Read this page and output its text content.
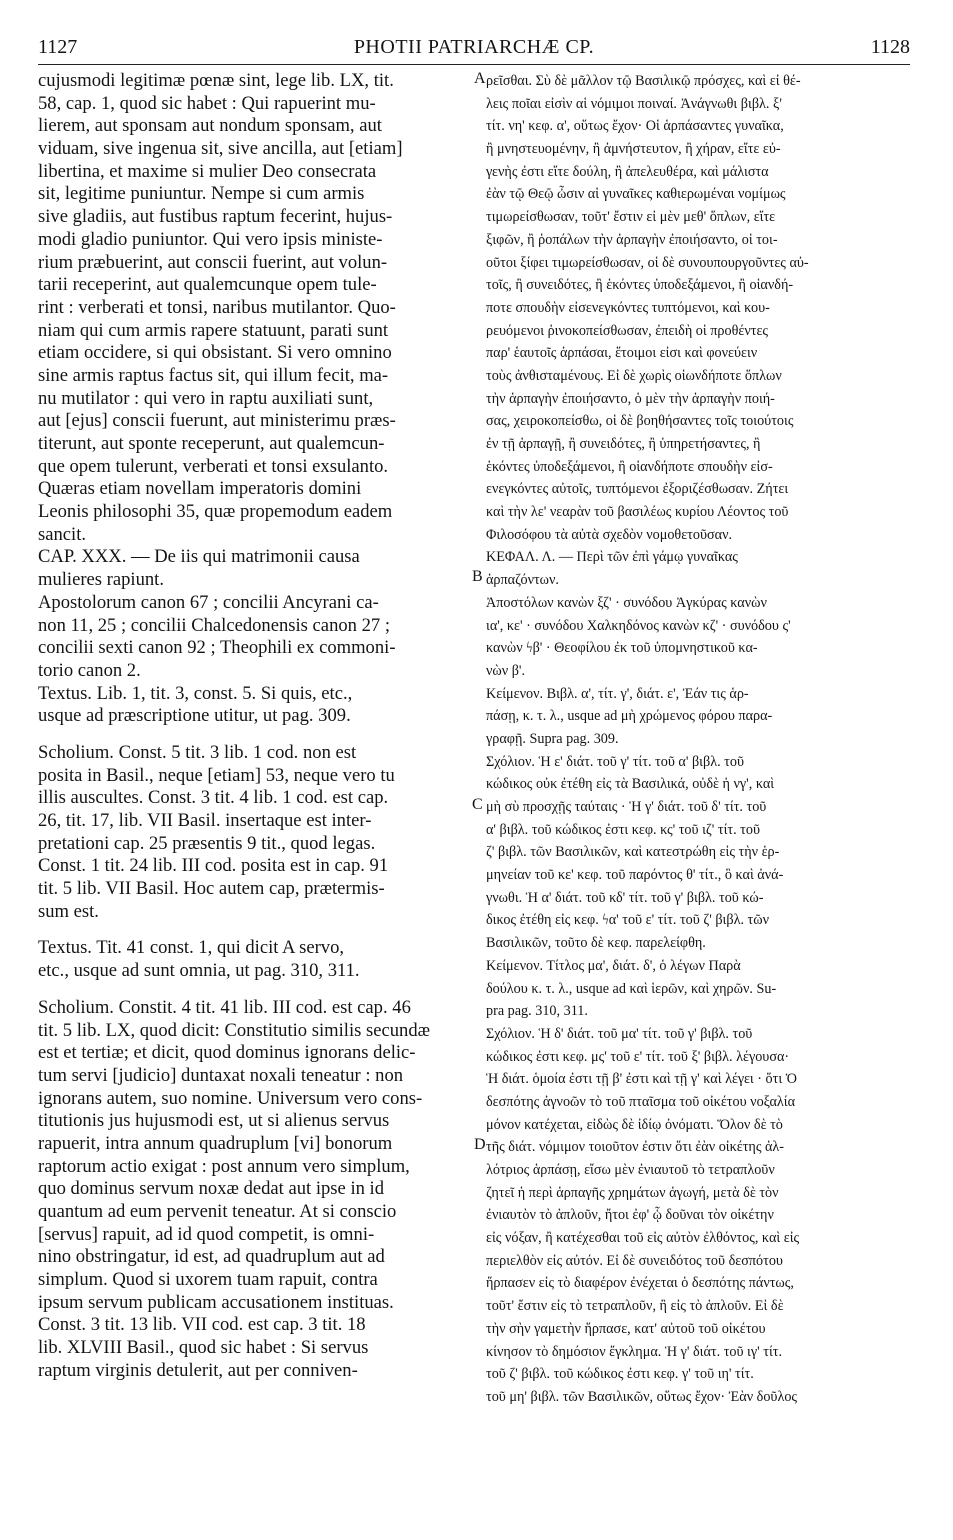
1127	PHOTII PATRIARCHÆ CP.	1128
cujusmodi legitimæ pœnæ sint, lege lib. LX, tit.
58, cap. 1, quod sic habet : Qui rapuerint mu-
lierem, aut sponsam aut nondum sponsam, aut
viduam, sive ingenua sit, sive ancilla, aut [etiam]
libertina, et maxime si mulier Deo consecrata
sit, legitime puniuntur. Nempe si cum armis
sive gladiis, aut fustibus raptum fecerint, hujus-
modi gladio puniuntor. Qui vero ipsis ministe-
rium præbuerint, aut conscii fuerint, aut volun-
tarii receperint, aut qualemcunque opem tule-
rint : verberati et tonsi, naribus mutilantor. Quo-
niam qui cum armis rapere statuunt, parati sunt
etiam occidere, si qui obsistant. Si vero omnino
sine armis raptus factus sit, qui illum fecit, ma-
nu mutilator : qui vero in raptu auxiliati sunt,
aut [ejus] conscii fuerunt, aut ministerimu præs-
titerunt, aut sponte receperunt, aut qualemcun-
que opem tulerunt, verberati et tonsi exsulanto.
Quæras etiam novellam imperatoris domini
Leonis philosophi 35, quæ propemodum eadem
sancit.
CAP. XXX. — De iis qui matrimonii causa
mulieres rapiunt.
Apostolorum canon 67 ; concilii Ancyrani ca-
non 11, 25 ; concilii Chalcedonensis canon 27 ;
concilii sexti canon 92 ; Theophili ex commoni-
torio canon 2.
Textus. Lib. 1, tit. 3, const. 5. Si quis, etc.,
usque ad præscriptione utitur, ut pag. 309.
Scholium. Const. 5 tit. 3 lib. 1 cod. non est
posita in Basil., neque [etiam] 53, neque vero tu
illis auscultes. Const. 3 tit. 4 lib. 1 cod. est cap.
26, tit. 17, lib. VII Basil. insertaque est inter-
pretationi cap. 25 præsentis 9 tit., quod legas.
Const. 1 tit. 24 lib. III cod. posita est in cap. 91
tit. 5 lib. VII Basil. Hoc autem cap, prætermis-
sum est.
Textus. Tit. 41 const. 1, qui dicit A servo,
etc., usque ad sunt omnia, ut pag. 310, 311.
Scholium. Constit. 4 tit. 41 lib. III cod. est cap. 46
tit. 5 lib. LX, quod dicit: Constitutio similis secundæ
est et tertiæ; et dicit, quod dominus ignorans delic-
tum servi [judicio] duntaxat noxali teneatur : non
ignorans autem, suo nomine. Universum vero cons-
titutionis jus hujusmodi est, ut si alienus servus
rapuerit, intra annum quadruplum [vi] bonorum
raptorum actio exigat : post annum vero simplum,
quo dominus servum noxæ dedat aut ipse in id
quantum ad eum pervenit teneatur. At si conscio
[servus] rapuit, ad id quod competit, is omni-
nino obstringatur, id est, ad quadruplum aut ad
simplum. Quod si uxorem tuam rapuit, contra
ipsum servum publicam accusationem instituas.
Const. 3 tit. 13 lib. VII cod. est cap. 3 tit. 18
lib. XLVIII Basil., quod sic habet : Si servus
raptum virginis detulerit, aut per conniven-
ρεῖσθαι. Σὺ δὲ μᾶλλον τῷ Βασιλικῷ πρόσχες, καὶ εἰ θέ-
λεις ποῖαι εἰσὶν αἱ νόμιμοι ποιναί. Ἀνάγνωθι βιβλ. ξ'
τίτ. νη' κεφ. α', οὕτως ἔχον· Οἱ ἁρπάσαντες γυναῖκα,
ἢ μνηστευομένην, ἢ ἀμνήστευτον, ἢ χήραν, εἴτε εὐ-
γενὴς ἐστι εἴτε δούλη, ἢ ἀπελευθέρα, καὶ μάλιστα
ἐὰν τῷ Θεῷ ὦσιν αἱ γυναῖκες καθιερωμέναι νομίμως
τιμωρείσθωσαν, τοῦτ' ἔστιν εἰ μὲν μεθ' ὅπλων, εἴτε
ξιφῶν, ἢ ῥοπάλων τὴν ἁρπαγὴν ἐποιήσαντο, οἱ τοι-
οῦτοι ξίφει τιμωρείσθωσαν, οἱ δὲ συνουπουργοῦντες αὐ-
τοῖς, ἢ συνειδότες, ἢ ἑκόντες ὑποδεξάμενοι, ἢ οἱανδή-
ποτε σπουδὴν εἰσενεγκόντες τυπτόμενοι, καὶ κου-
ρευόμενοι ῥινοκοπείσθωσαν, ἐπειδὴ οἱ προθέντες
παρ' ἑαυτοῖς ἁρπάσαι, ἕτοιμοι εἰσι καὶ φονεύειν
τοὺς ἀνθισταμένους. Εἰ δὲ χωρὶς οἱωνδήποτε ὅπλων
τὴν ἁρπαγὴν ἐποιήσαντο, ὁ μὲν τὴν ἁρπαγὴν ποιή-
σας, χειροκοπείσθω, οἱ δὲ βοηθήσαντες τοῖς τοιούτοις
ἐν τῇ ἁρπαγῇ, ἢ συνειδότες, ἢ ὑπηρετήσαντες, ἢ
ἑκόντες ὑποδεξάμενοι, ἢ οἱανδήποτε σπουδὴν εἰσ-
ενεγκόντες αὐτοῖς, τυπτόμενοι ἐξοριζέσθωσαν. Ζήτει
καὶ τὴν λε' νεαρὰν τοῦ βασιλέως κυρίου Λέοντος τοῦ
Φιλοσόφου τὰ αὐτὰ σχεδὸν νομοθετοῦσαν.
ΚΕΦΑΛ. Λ. — Περὶ τῶν ἐπὶ γάμῳ γυναῖκας
ἁρπαζόντων.
Ἀποστόλων κανὼν ξζ' · συνόδου Ἀγκύρας κανὼν
ια', κε' · συνόδου Χαλκηδόνος κανὼν κζ' · συνόδου ς'
κανὼν ϟβ' · Θεοφίλου ἐκ τοῦ ὑπομνηστικοῦ κα-
νὼν β'.
Κείμενον. Βιβλ. α', τίτ. γ', διάτ. ε', Ἐάν τις ἁρ-
πάσῃ, κ. τ. λ., usque ad μὴ χρώμενος φόρου παρα-
γραφῇ. Supra pag. 309.
Σχόλιον. Ἡ ε' διάτ. τοῦ γ' τίτ. τοῦ α' βιβλ. τοῦ
κώδικος οὐκ ἐτέθη εἰς τὰ Βασιλικά, οὐδὲ ἡ νγ', καὶ
μὴ σὺ προσχῇς ταύταις · Ἡ γ' διάτ. τοῦ δ' τίτ. τοῦ
α' βιβλ. τοῦ κώδικος ἐστι κεφ. κς' τοῦ ιζ' τίτ. τοῦ
ζ' βιβλ. τῶν Βασιλικῶν, καὶ κατεστρώθη εἰς τὴν ἑρ-
μηνείαν τοῦ κε' κεφ. τοῦ παρόντος θ' τίτ., ὃ καὶ ἀνά-
γνωθι. Ἡ α' διάτ. τοῦ κδ' τίτ. τοῦ γ' βιβλ. τοῦ κώ-
δικος ἐτέθη εἰς κεφ. ϟα' τοῦ ε' τίτ. τοῦ ζ' βιβλ. τῶν
Βασιλικῶν, τοῦτο δὲ κεφ. παρελείφθη.
Κείμενον. Τίτλος μα', διάτ. δ', ὁ λέγων Παρὰ
δούλου κ. τ. λ., usque ad καὶ ἱερῶν, καὶ χηρῶν. Su-
pra pag. 310, 311.
Σχόλιον. Ἡ δ' διάτ. τοῦ μα' τίτ. τοῦ γ' βιβλ. τοῦ
κώδικος ἐστι κεφ. μς' τοῦ ε' τίτ. τοῦ ξ' βιβλ. λέγουσα·
Ἡ διάτ. ὁμοία ἐστι τῇ β' ἐστι καὶ τῇ γ' καὶ λέγει · ὅτι Ὁ
δεσπότης ἀγνοῶν τὸ τοῦ πταῖσμα τοῦ οἰκέτου νοξαλία
μόνον κατέχεται, εἰδὼς δὲ ἰδίῳ ὀνόματι. Ὅλον δὲ τὸ
τῆς διάτ. νόμιμον τοιοῦτον ἐστιν ὅτι ἐὰν οἰκέτης ἀλ-
λότριος ἁρπάσῃ, εἴσω μὲν ἐνιαυτοῦ τὸ τετραπλοῦν
ζητεῖ ἡ περὶ ἁρπαγῆς χρημάτων ἀγωγή, μετὰ δὲ τὸν
ἐνιαυτὸν τὸ ἁπλοῦν, ἤτοι ἐφ' ᾧ δοῦναι τὸν οἰκέτην
εἰς νόξαν, ἢ κατέχεσθαι τοῦ εἰς αὐτὸν ἐλθόντος, καὶ εἰς
περιελθὸν εἰς αὐτόν. Εἰ δὲ συνειδότος τοῦ δεσπότου
ἥρπασεν εἰς τὸ διαφέρον ἐνέχεται ὁ δεσπότης πάντως,
τοῦτ' ἔστιν εἰς τὸ τετραπλοῦν, ἢ εἰς τὸ ἁπλοῦν. Εἰ δὲ
τὴν σὴν γαμετὴν ἥρπασε, κατ' αὐτοῦ τοῦ οἰκέτου
κίνησον τὸ δημόσιον ἔγκλημα. Ἡ γ' διάτ. τοῦ ιγ' τίτ.
τοῦ ζ' βιβλ. τοῦ κώδικος ἐστι κεφ. γ' τοῦ ιη' τίτ.
τοῦ μη' βιβλ. τῶν Βασιλικῶν, οὕτως ἔχον· Ἐὰν δοῦλος
A
B
C
D
